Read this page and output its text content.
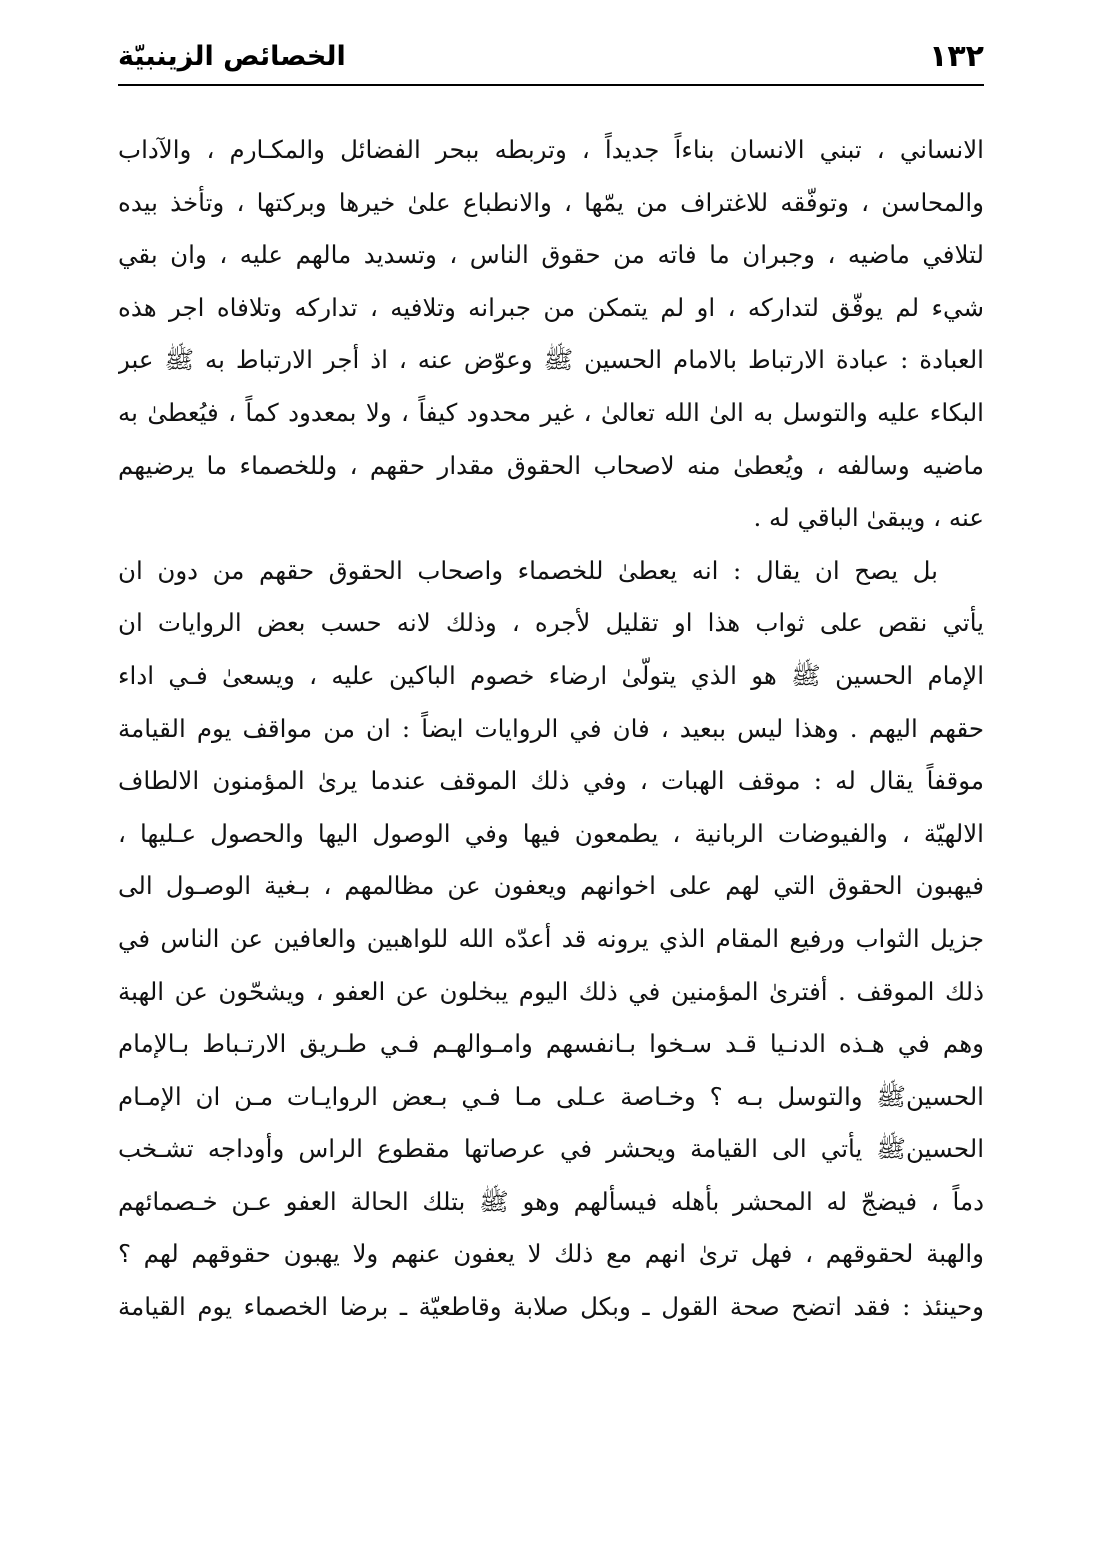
١٣٢
الخصائص الزينبيّة
الانساني ، تبني الانسان بناءاً جديداً ، وتربطه ببحر الفضائل والمكـارم ، والآداب
والمحاسن ، وتوفّقه للاغتراف من يمّها ، والانطباع علىٰ خيرها وبركتها ، وتأخذ بيده
لتلافي ماضيه ، وجبران ما فاته من حقوق الناس ، وتسديد مالهم عليه ، وان بقي
شيء لم يوفّق لتداركه ، او لم يتمكن من جبرانه وتلافيه ، تداركه وتلافاه اجر هذه
العبادة : عبادة الارتباط بالامام الحسين ﷺ وعوّض عنه ، اذ أجر الارتباط به ﷺ عبر
البكاء عليه والتوسل به الىٰ الله تعالىٰ ، غير محدود كيفاً ، ولا بمعدود كماً ، فيُعطىٰ به
ماضيه وسالفه ، ويُعطىٰ منه لاصحاب الحقوق مقدار حقهم ، وللخصماء ما يرضيهم
عنه ، ويبقىٰ الباقي له .
بل يصح ان يقال : انه يعطىٰ للخصماء واصحاب الحقوق حقهم من دون ان
يأتي نقص على ثواب هذا او تقليل لأجره ، وذلك لانه حسب بعض الروايات ان
الإمام الحسين ﷺ هو الذي يتولّىٰ ارضاء خصوم الباكين عليه ، ويسعىٰ فـي اداء
حقهم اليهم . وهذا ليس ببعيد ، فان في الروايات ايضاً : ان من مواقف يوم القيامة
موقفاً يقال له : موقف الهبات ، وفي ذلك الموقف عندما يرىٰ المؤمنون الالطاف
الالهيّة ، والفيوضات الربانية ، يطمعون فيها وفي الوصول اليها والحصول عـليها ،
فيهبون الحقوق التي لهم على اخوانهم ويعفون عن مظالمهم ، بـغية الوصـول الى
جزيل الثواب ورفيع المقام الذي يرونه قد أعدّه الله للواهبين والعافين عن الناس في
ذلك الموقف . أفترىٰ المؤمنين في ذلك اليوم يبخلون عن العفو ، ويشحّون عن الهبة
وهم في هـذه الدنـيا قـد سـخوا بـانفسهم وامـوالهـم فـي طـريق الارتـباط بـالإمام
الحسينﷺ والتوسل بـه ؟ وخـاصة عـلى مـا فـي بـعض الروايـات مـن ان الإمـام
الحسينﷺ يأتي الى القيامة ويحشر في عرصاتها مقطوع الراس وأوداجه تشـخب
دماً ، فيضجّ له المحشر بأهله فيسألهم وهو ﷺ بتلك الحالة العفو عـن خـصمائهم
والهبة لحقوقهم ، فهل ترىٰ انهم مع ذلك لا يعفون عنهم ولا يهبون حقوقهم لهم ؟
وحينئذ : فقد اتضح صحة القول ـ وبكل صلابة وقاطعيّة ـ برضا الخصماء يوم القيامة
